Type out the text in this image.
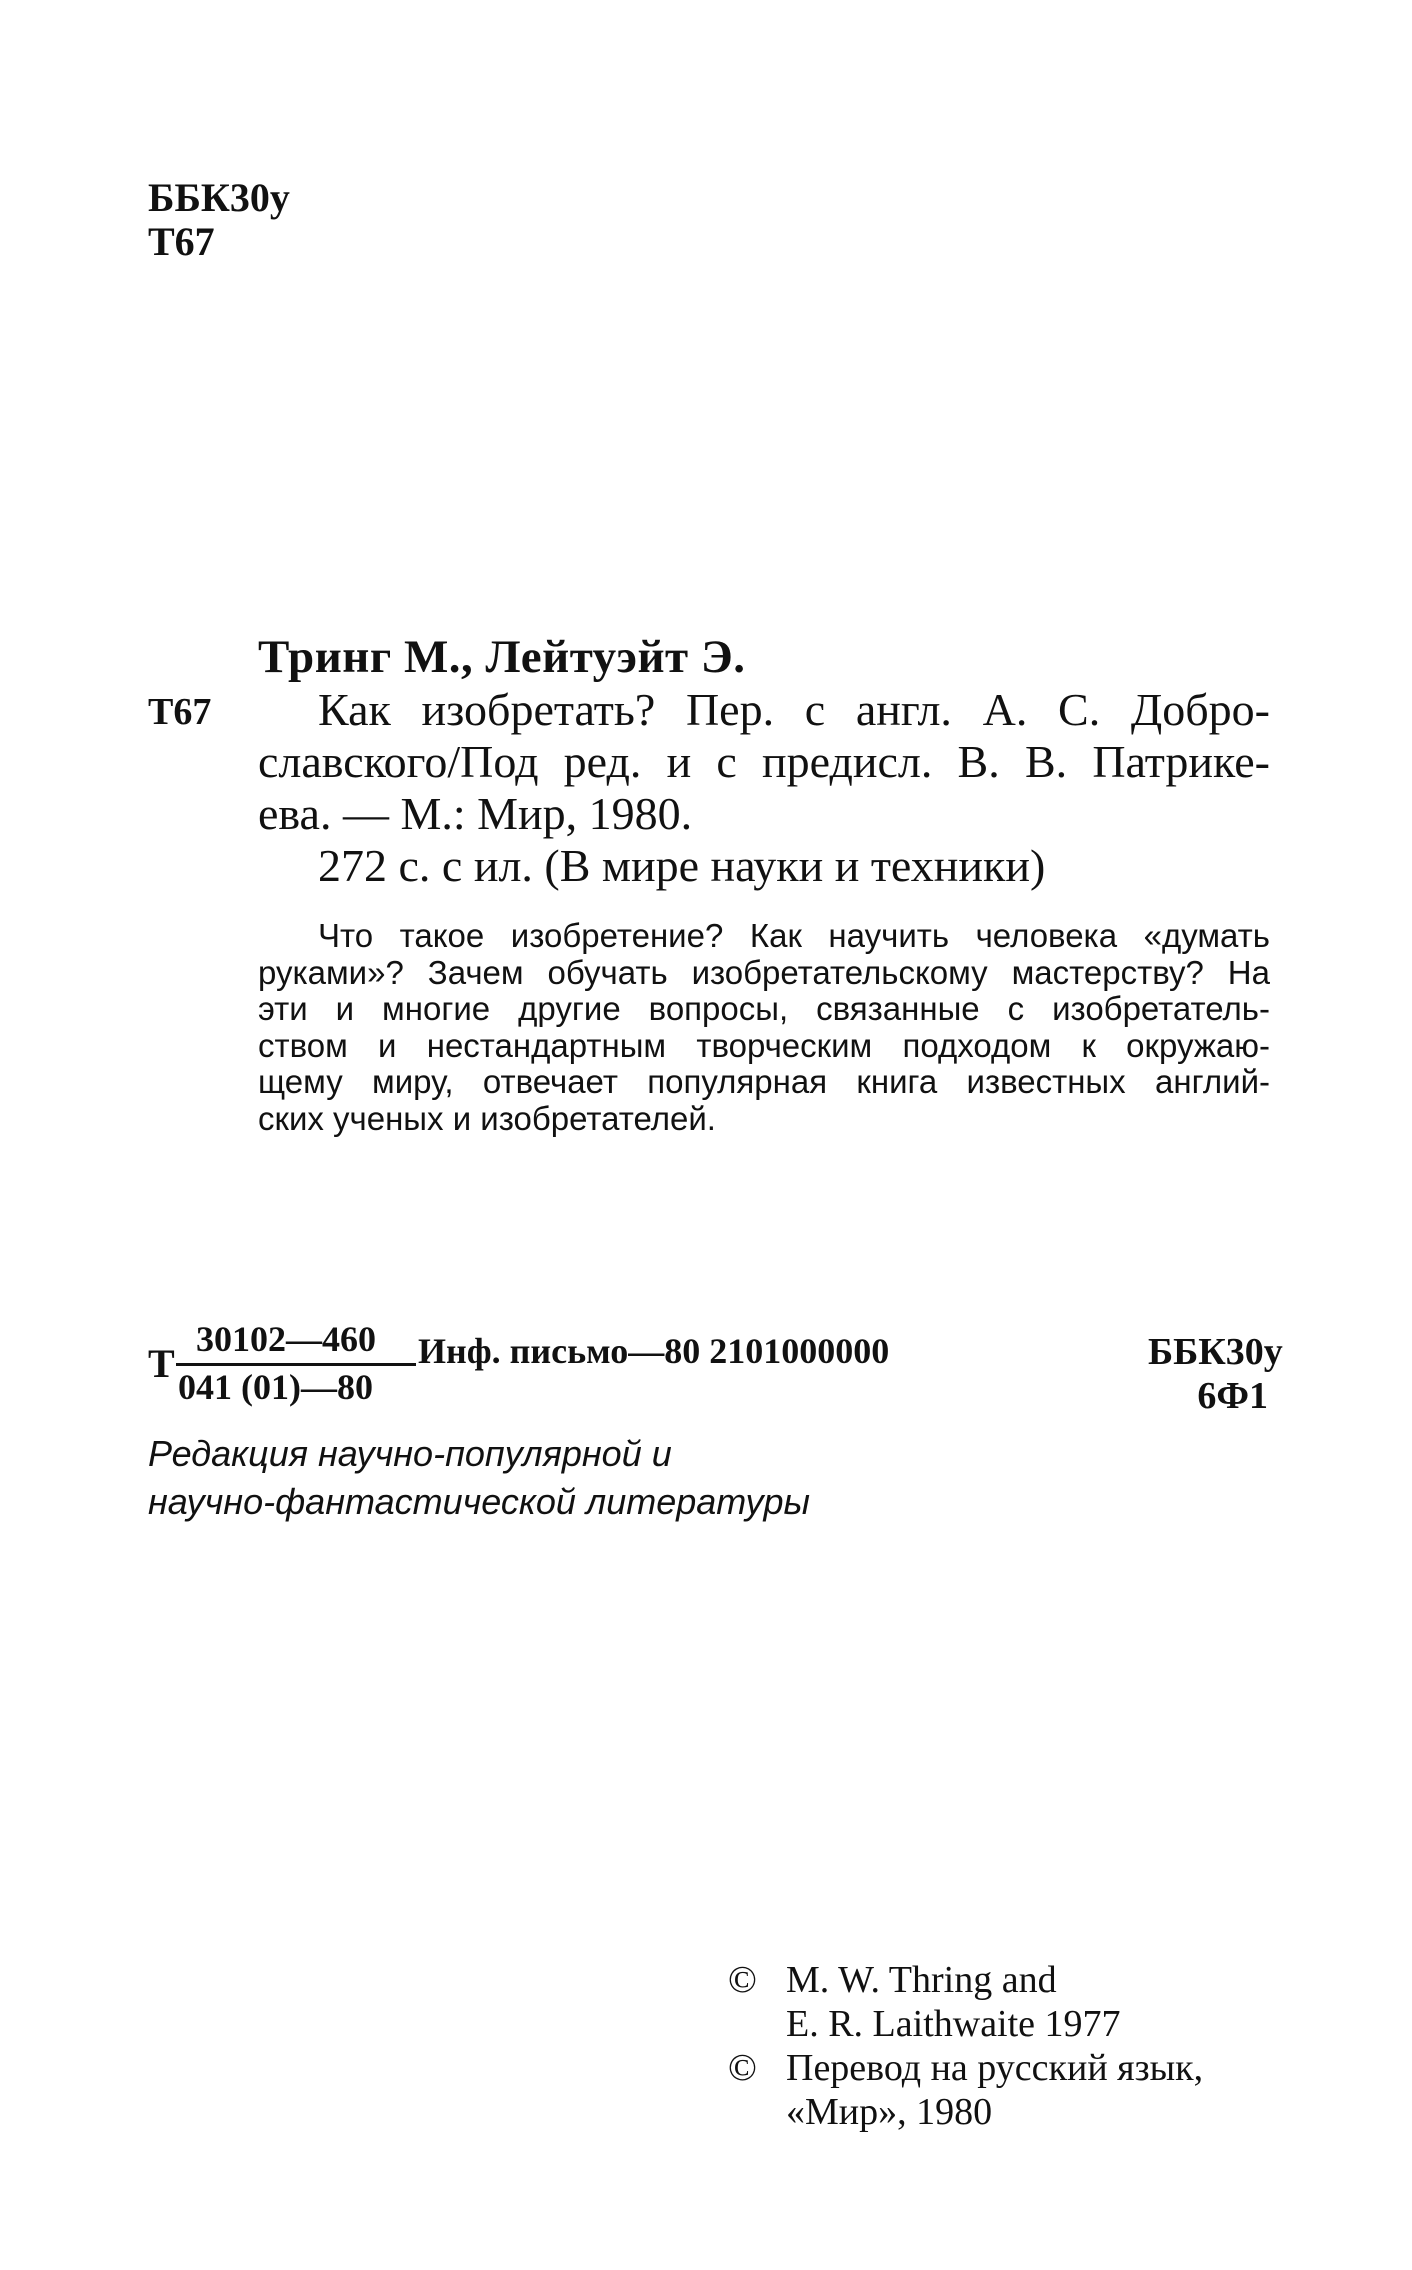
ББК30у
Т67
Тринг М., Лейтуэйт Э.
Т67	Как изобретать? Пер. с англ. А. С. Добро-
славского/Под ред. и с предисл. В. В. Патрике-
ева. — М.: Мир, 1980.
272 с. с ил. (В мире науки и техники)
Что такое изобретение? Как научить человека «думать
руками»? Зачем обучать изобретательскому мастерству? На
эти и многие другие вопросы, связанные с изобретатель-
ством и нестандартным творческим подходом к окружаю-
щему миру, отвечает популярная книга известных англий-
ских ученых и изобретателей.
Т
30102—460
041 (01)—80
Инф. письмо—80 2101000000	ББК30у
6Ф1
Редакция научно-популярной и
научно-фантастической литературы
© M. W. Thring and
E. R. Laithwaite 1977
© Перевод на русский язык,
«Мир», 1980
